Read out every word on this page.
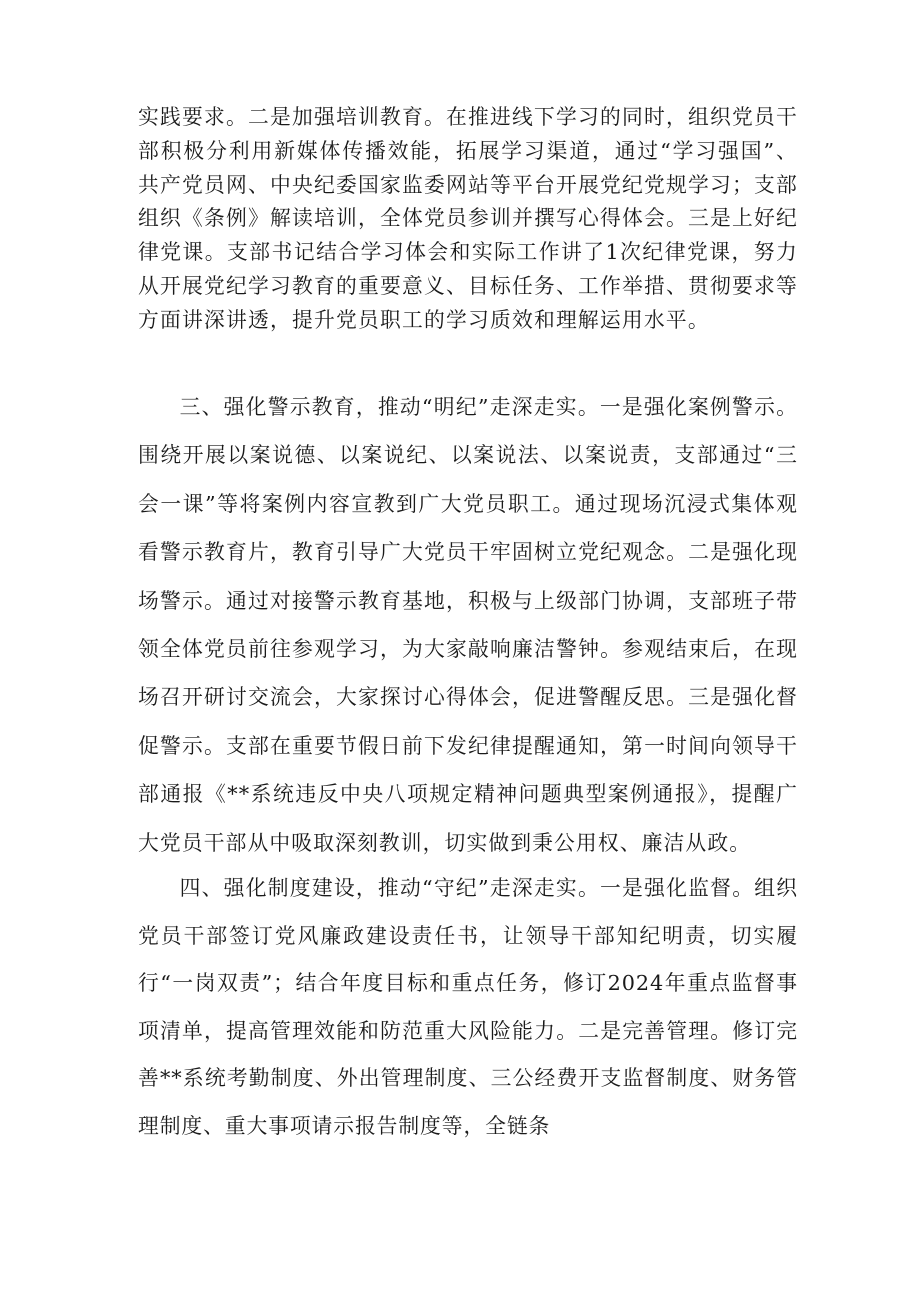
实践要求。二是加强培训教育。在推进线下学习的同时，组织党员干部积极分利用新媒体传播效能，拓展学习渠道，通过“学习强国”、共产党员网、中央纪委国家监委网站等平台开展党纪党规学习；支部组织《条例》解读培训，全体党员参训并撰写心得体会。三是上好纪律党课。支部书记结合学习体会和实际工作讲了1次纪律党课，努力从开展党纪学习教育的重要意义、目标任务、工作举措、贯彻要求等方面讲深讲透，提升党员职工的学习质效和理解运用水平。

三、强化警示教育，推动“明纪”走深走实。一是强化案例警示。围绕开展以案说德、以案说纪、以案说法、以案说责，支部通过“三会一课”等将案例内容宣教到广大党员职工。通过现场沉浸式集体观看警示教育片，教育引导广大党员干牢固树立党纪观念。二是强化现场警示。通过对接警示教育基地，积极与上级部门协调，支部班子带领全体党员前往参观学习，为大家敲响廉洁警钟。参观结束后，在现场召开研讨交流会，大家探讨心得体会，促进警醒反思。三是强化督促警示。支部在重要节假日前下发纪律提醒通知，第一时间向领导干部通报《**系统违反中央八项规定精神问题典型案例通报》，提醒广大党员干部从中吸取深刻教训，切实做到秉公用权、廉洁从政。

四、强化制度建设，推动“守纪”走深走实。一是强化监督。组织党员干部签订党风廉政建设责任书，让领导干部知纪明责，切实履行“一岗双责”；结合年度目标和重点任务，修订2024年重点监督事项清单，提高管理效能和防范重大风险能力。二是完善管理。修订完善**系统考勤制度、外出管理制度、三公经费开支监督制度、财务管理制度、重大事项请示报告制度等，全链条
